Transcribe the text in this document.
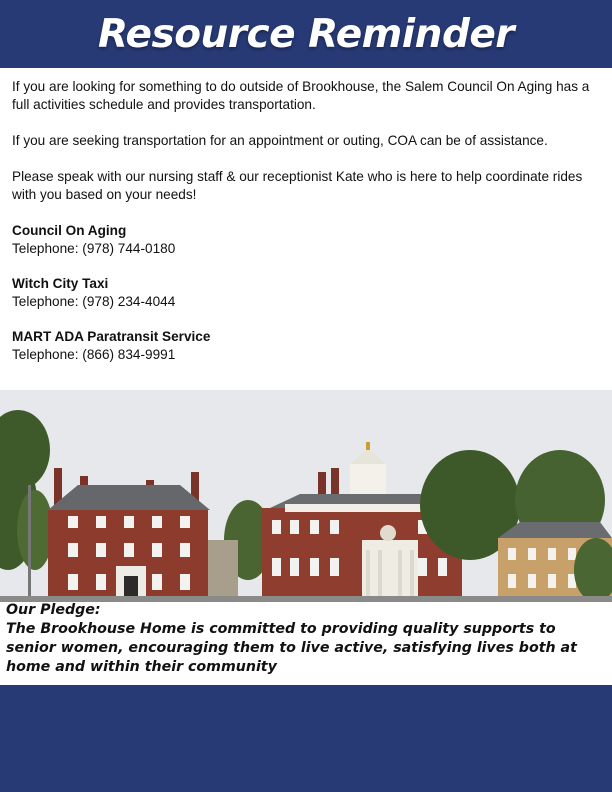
Resource Reminder

If you are looking for something to do outside of Brookhouse, the Salem Council On Aging has a full activities schedule and provides transportation.

If you are seeking transportation for an appointment or outing, COA can be of assistance.

Please speak with our nursing staff & our receptionist Kate who is here to help coordinate rides with you based on your needs!

Council On Aging
Telephone: (978) 744-0180
Witch City Taxi
Telephone: (978) 234-4044
MART ADA Paratransit Service
Telephone: (866) 834-9991
Our Pledge:
The Brookhouse Home is committed to providing quality supports to senior women, encouraging them to live active, satisfying lives both at home and within their community
